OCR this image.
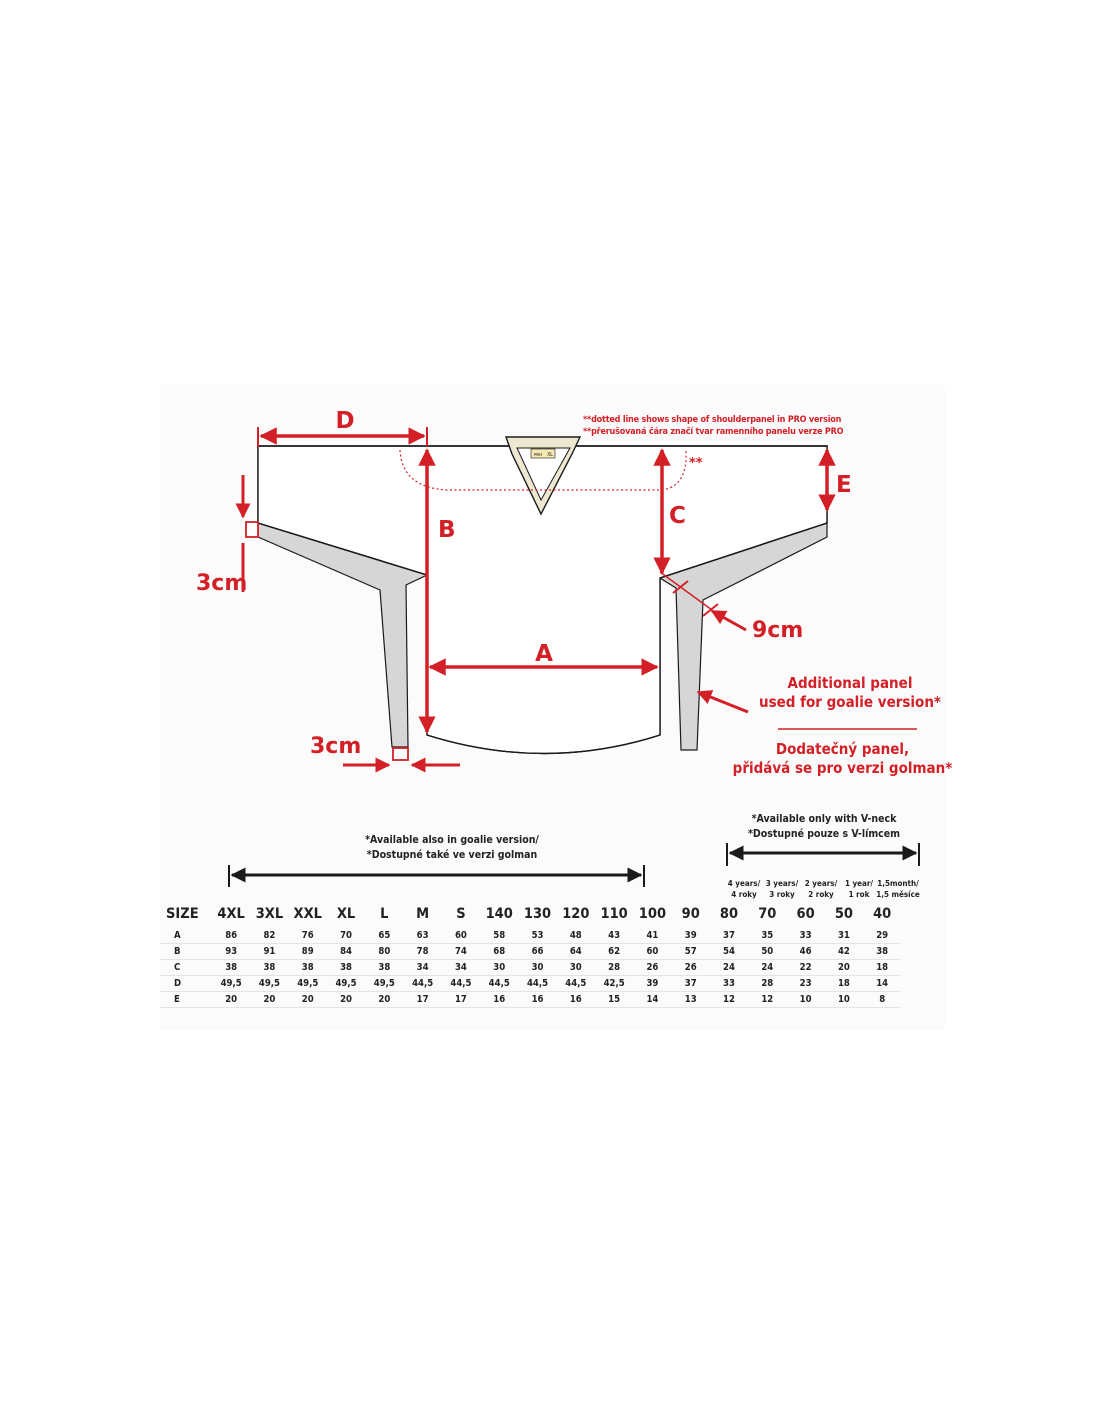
ꜰʀʜ XL
D
B
A
C
E
3cm
3cm
9cm
**
**dotted line shows shape of shoulderpanel in PRO version
**přerušovaná čára značí tvar ramenního panelu verze PRO
Additional panel
used for goalie version*
Dodatečný panel,
přidává se pro verzi golman*
*Available also in goalie version/
*Dostupné také ve verzi golman
*Available only with V-neck
*Dostupné pouze s V-límcem
4 years/
4 roky
3 years/
3 roky
2 years/
2 roky
1 year/
1 rok
1,5month/
1,5 měsíce
SIZE	4XL	3XL	XXL	XL	L	M	S	140	130	120	110	100	90	80	70	60	50	40
A	86	82	76	70	65	63	60	58	53	48	43	41	39	37	35	33	31	29
B	93	91	89	84	80	78	74	68	66	64	62	60	57	54	50	46	42	38
C	38	38	38	38	38	34	34	30	30	30	28	26	26	24	24	22	20	18
D	49,5	49,5	49,5	49,5	49,5	44,5	44,5	44,5	44,5	44,5	42,5	39	37	33	28	23	18	14
E	20	20	20	20	20	17	17	16	16	16	15	14	13	12	12	10	10	8
